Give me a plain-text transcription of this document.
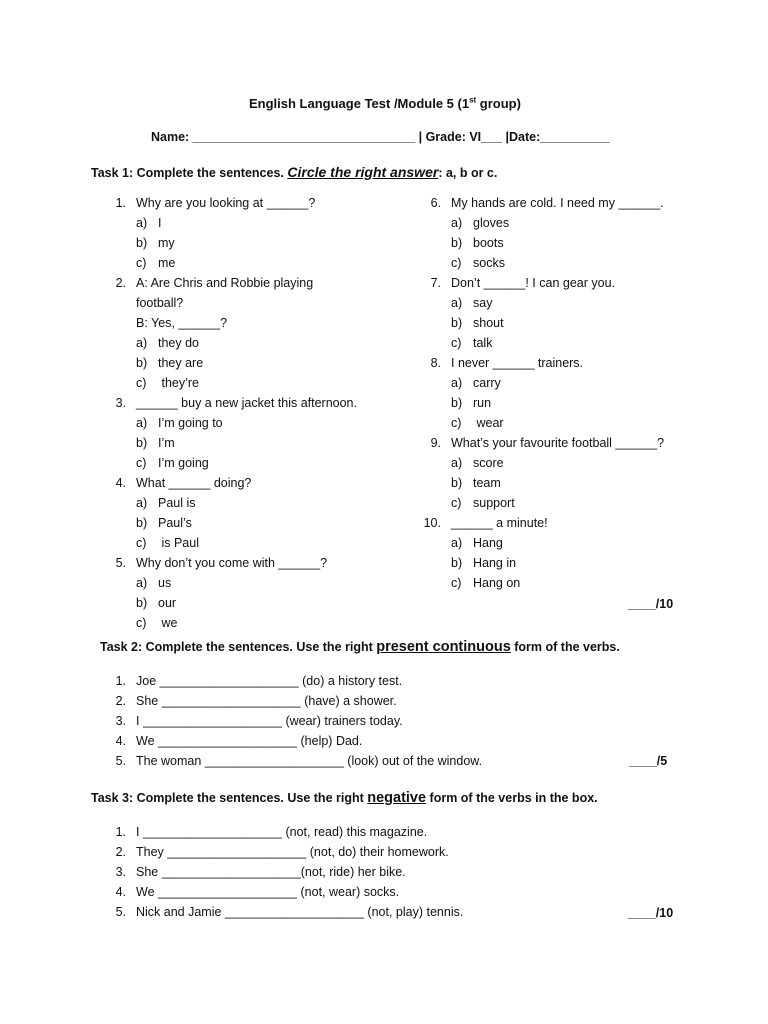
English Language Test /Module 5 (1st group)
Name: ________________________________ | Grade: VI___ |Date:__________
Task 1: Complete the sentences. Circle the right answer: a, b or c.
1. Why are you looking at ______?
a) I
b) my
c) me
2. A: Are Chris and Robbie playing
football?
B: Yes, ______?
a) they do
b) they are
c) they’re
3. ______ buy a new jacket this afternoon.
a) I’m going to
b) I’m
c) I’m going
4. What ______ doing?
a) Paul is
b) Paul’s
c) is Paul
5. Why don’t you come with ______?
a) us
b) our
c) we
6. My hands are cold. I need my ______.
a) gloves
b) boots
c) socks
7. Don’t ______! I can gear you.
a) say
b) shout
c) talk
8. I never ______ trainers.
a) carry
b) run
c) wear
9. What’s your favourite football ______?
a) score
b) team
c) support
10. ______ a minute!
a) Hang
b) Hang in
c) Hang on
____/10
Task 2: Complete the sentences. Use the right present continuous form of the verbs.
1. Joe ____________________ (do) a history test.
2. She ____________________ (have) a shower.
3. I ____________________ (wear) trainers today.
4. We ____________________ (help) Dad.
5. The woman ____________________ (look) out of the window.	____/5
Task 3: Complete the sentences. Use the right negative form of the verbs in the box.
1. I ____________________ (not, read) this magazine.
2. They ____________________ (not, do) their homework.
3. She ____________________(not, ride) her bike.
4. We ____________________ (not, wear) socks.
5. Nick and Jamie ____________________ (not, play) tennis.	____/10
